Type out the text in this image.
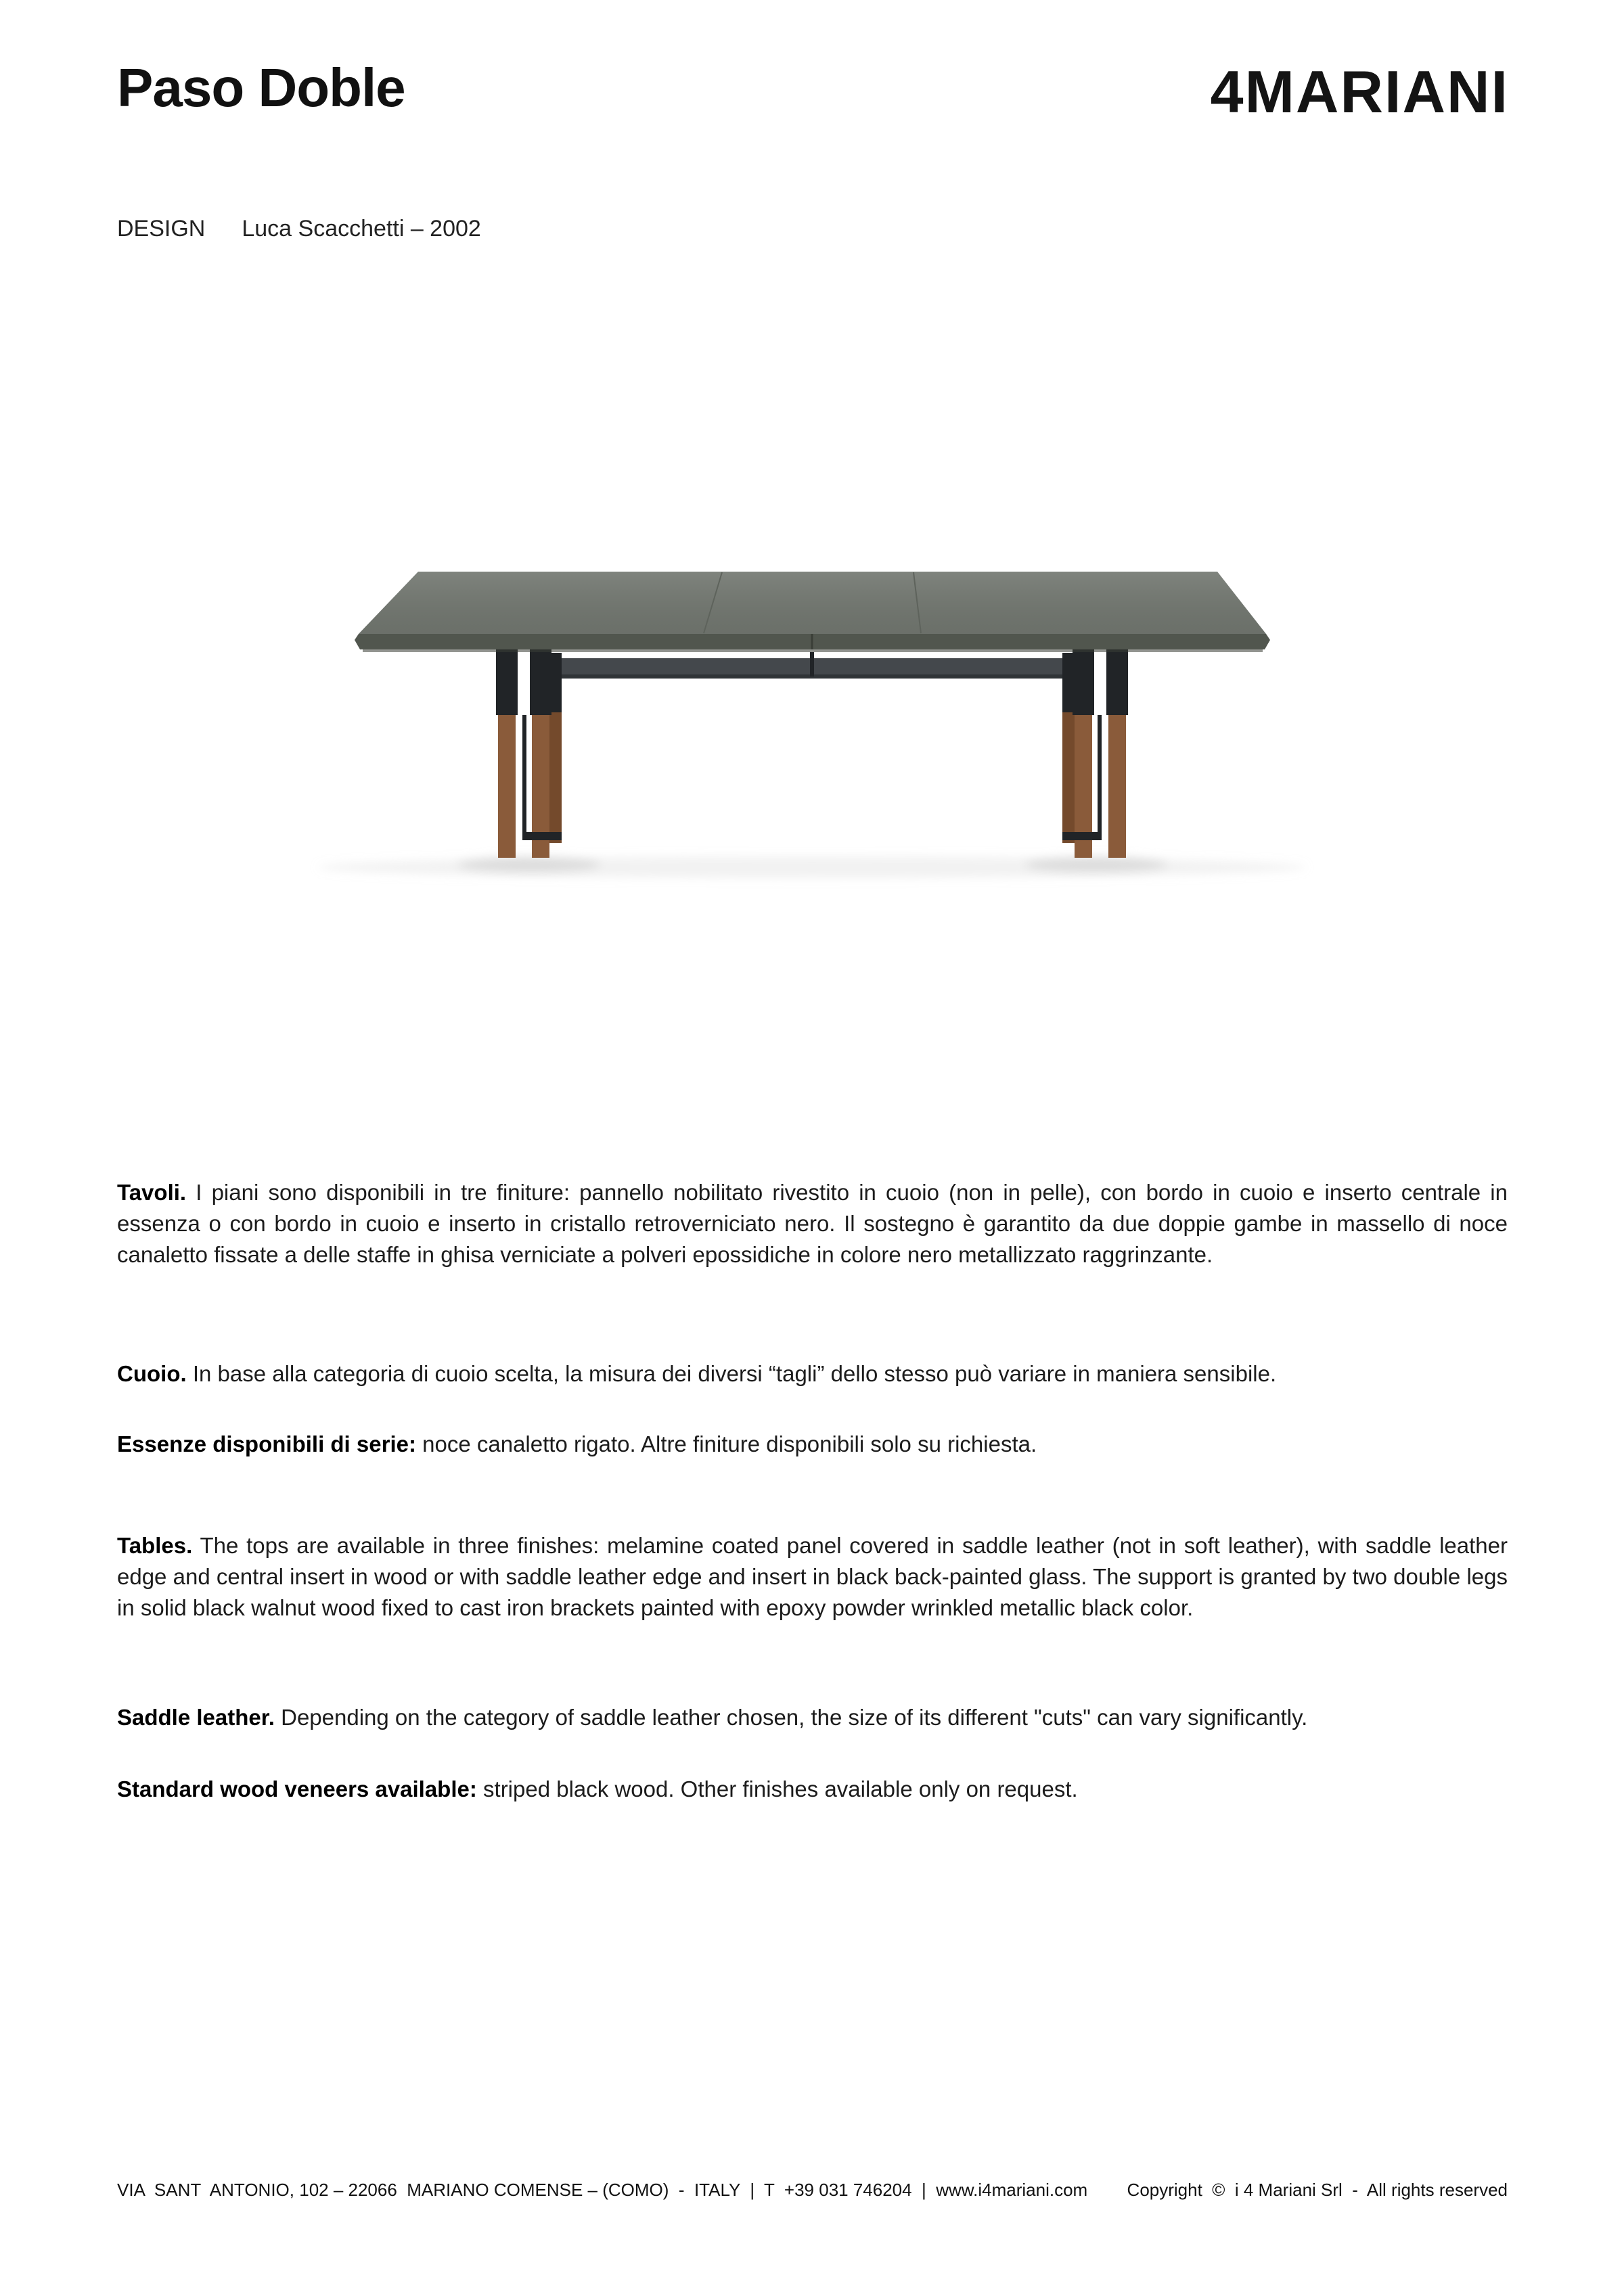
Paso Doble	4MARIANI
DESIGN Luca Scacchetti – 2002

Tavoli. I piani sono disponibili in tre finiture: pannello nobilitato rivestito in cuoio (non in pelle), con bordo in cuoio e inserto centrale in essenza o con bordo in cuoio e inserto in cristallo retroverniciato nero. Il sostegno è garantito da due doppie gambe in massello di noce canaletto fissate a delle staffe in ghisa verniciate a polveri epossidiche in colore nero metallizzato raggrinzante.

Cuoio. In base alla categoria di cuoio scelta, la misura dei diversi “tagli” dello stesso può variare in maniera sensibile.

Essenze disponibili di serie: noce canaletto rigato. Altre finiture disponibili solo su richiesta.

Tables. The tops are available in three finishes: melamine coated panel covered in saddle leather (not in soft leather), with saddle leather edge and central insert in wood or with saddle leather edge and insert in black back-painted glass. The support is granted by two double legs in solid black walnut wood fixed to cast iron brackets painted with epoxy powder wrinkled metallic black color.

Saddle leather. Depending on the category of saddle leather chosen, the size of its different "cuts" can vary significantly.

Standard wood veneers available: striped black wood. Other finishes available only on request.

VIA  SANT  ANTONIO, 102 – 22066  MARIANO COMENSE – (COMO)  -  ITALY  |  T  +39 031 746204  |  www.i4mariani.com Copyright  ©  i 4 Mariani Srl  -  All rights reserved
